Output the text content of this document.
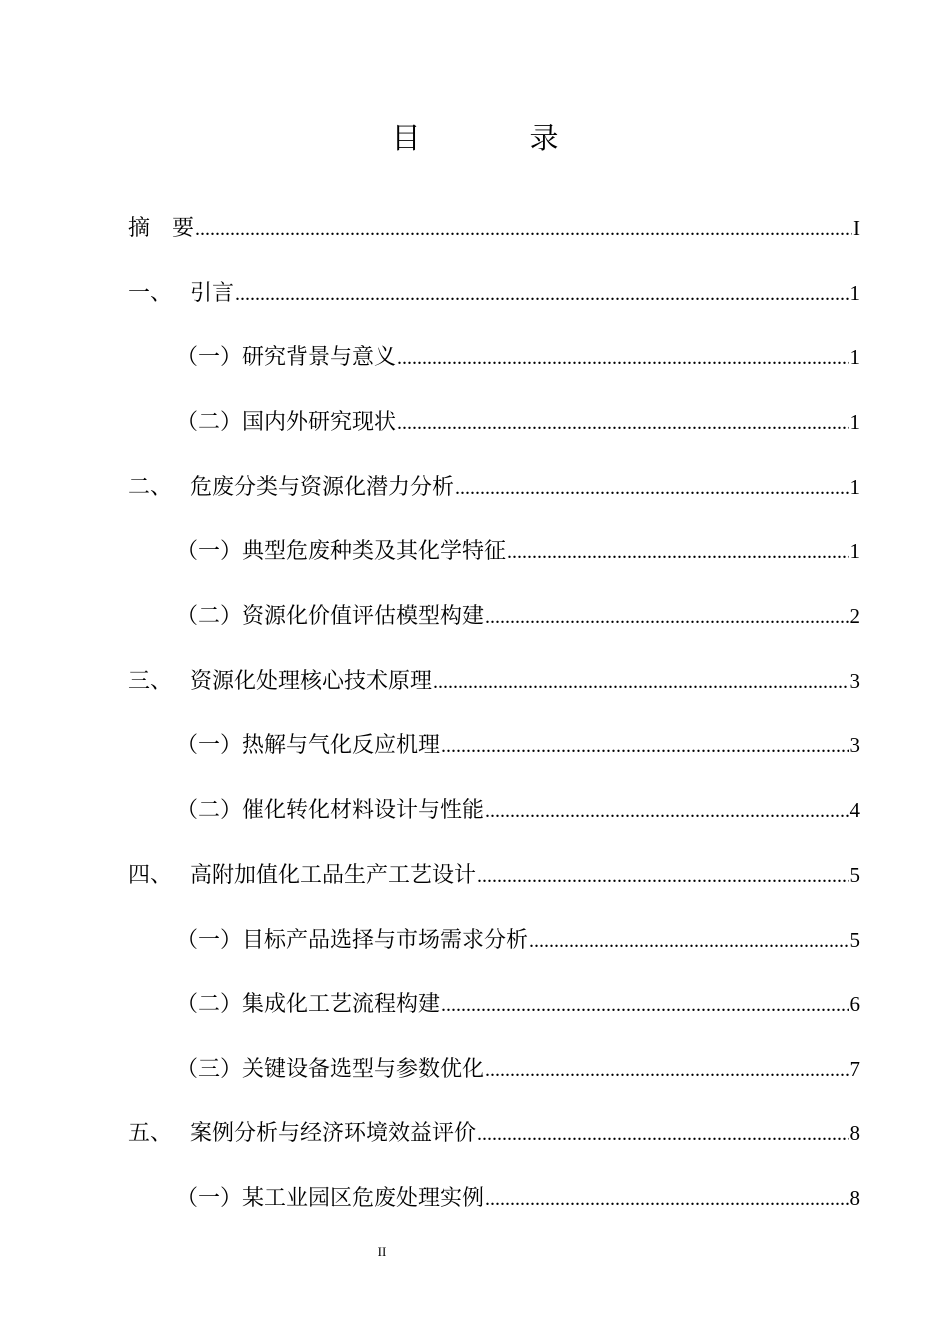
目　录
摘　要 .....	I
一、 引言 .....	1
（一） 研究背景与意义 .....	1
（二） 国内外研究现状 .....	1
二、 危废分类与资源化潜力分析 .....	1
（一） 典型危废种类及其化学特征 .....	1
（二） 资源化价值评估模型构建 .....	2
三、 资源化处理核心技术原理 .....	3
（一） 热解与气化反应机理 .....	3
（二） 催化转化材料设计与性能 .....	4
四、 高附加值化工品生产工艺设计 .....	5
（一） 目标产品选择与市场需求分析 .....	5
（二） 集成化工艺流程构建 .....	6
（三） 关键设备选型与参数优化 .....	7
五、 案例分析与经济环境效益评价 .....	8
（一） 某工业园区危废处理实例 .....	8
II
